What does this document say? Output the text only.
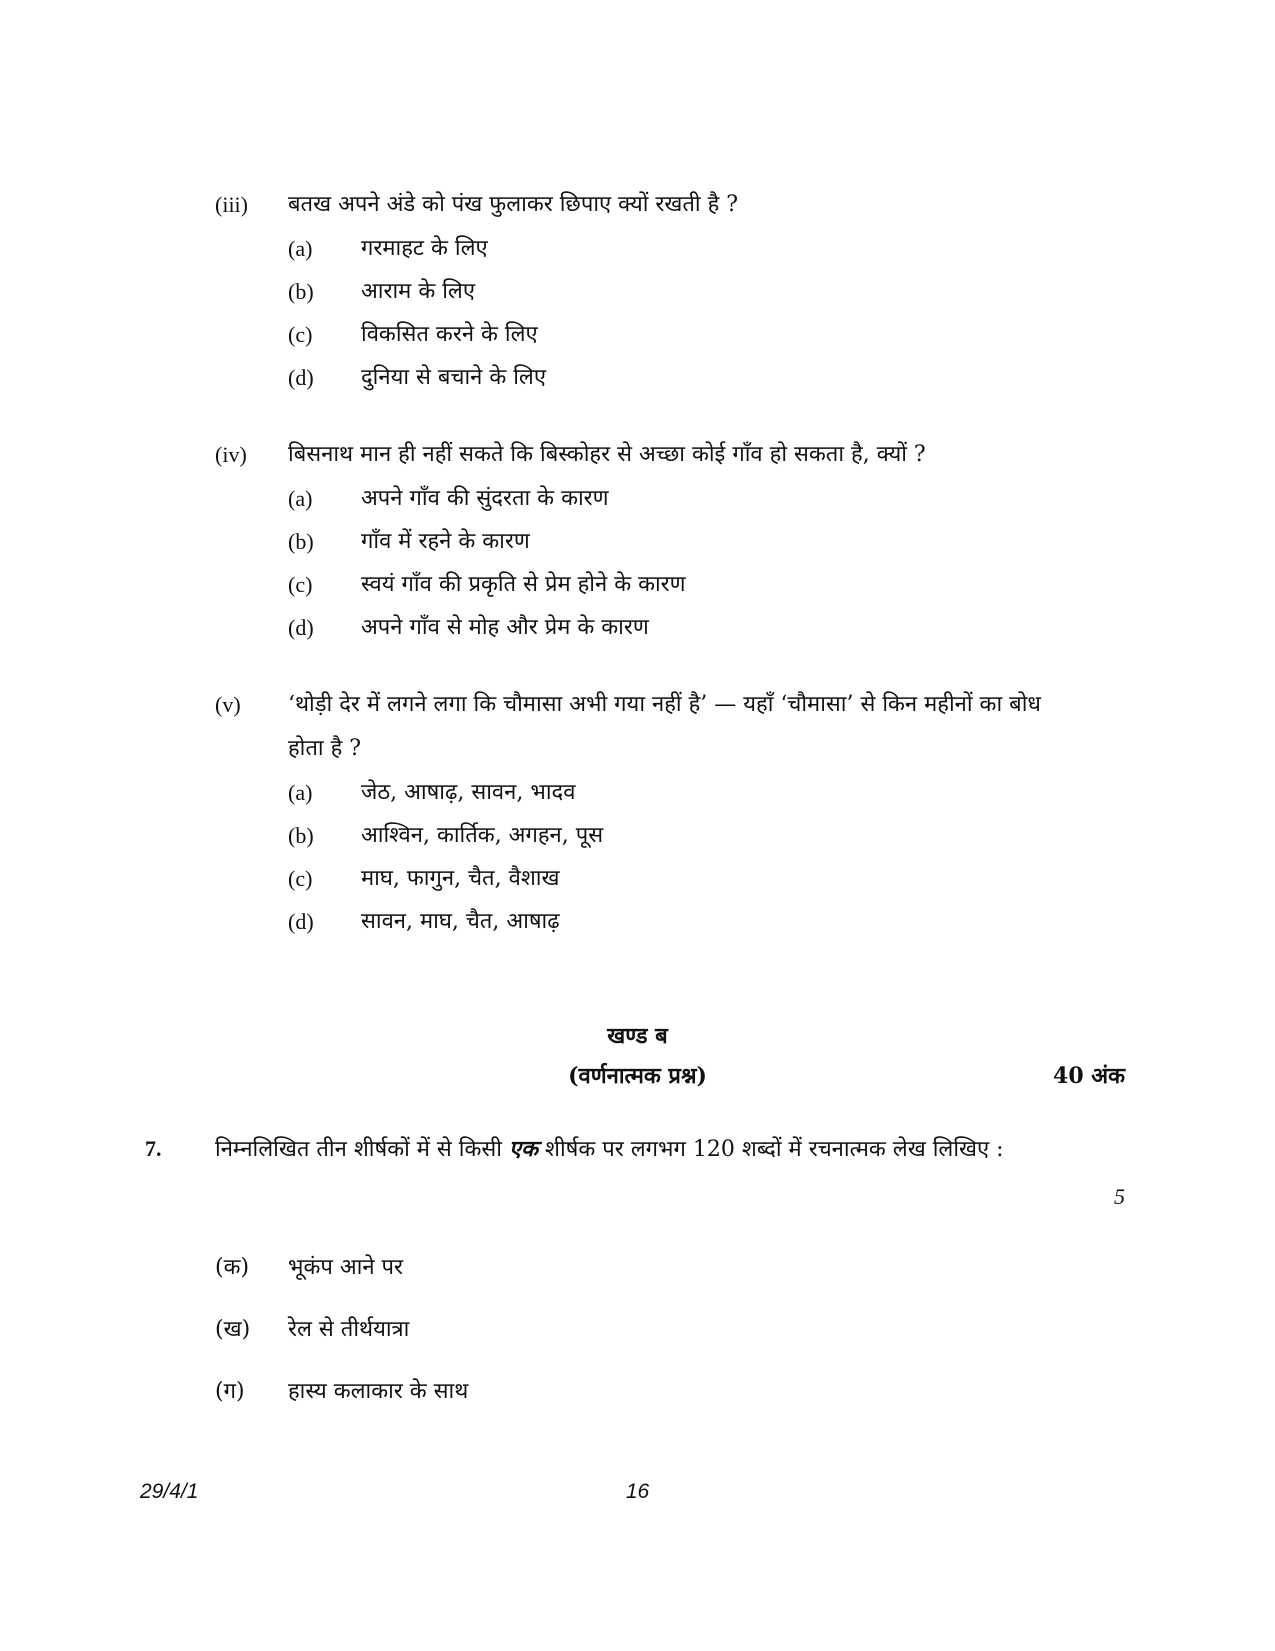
(iii) बतख अपने अंडे को पंख फुलाकर छिपाए क्यों रखती है ?
(a) गरमाहट के लिए
(b) आराम के लिए
(c) विकसित करने के लिए
(d) दुनिया से बचाने के लिए
(iv) बिसनाथ मान ही नहीं सकते कि बिस्कोहर से अच्छा कोई गाँव हो सकता है, क्यों ?
(a) अपने गाँव की सुंदरता के कारण
(b) गाँव में रहने के कारण
(c) स्वयं गाँव की प्रकृति से प्रेम होने के कारण
(d) अपने गाँव से मोह और प्रेम के कारण
(v) ‘थोड़ी देर में लगने लगा कि चौमासा अभी गया नहीं है’ — यहाँ ‘चौमासा’ से किन महीनों का बोध होता है ?
(a) जेठ, आषाढ़, सावन, भादव
(b) आश्विन, कार्तिक, अगहन, पूस
(c) माघ, फागुन, चैत, वैशाख
(d) सावन, माघ, चैत, आषाढ़
खण्ड ब
(वर्णनात्मक प्रश्न)	40 अंक
7. निम्नलिखित तीन शीर्षकों में से किसी एक शीर्षक पर लगभग 120 शब्दों में रचनात्मक लेख लिखिए :
5
(क) भूकंप आने पर
(ख) रेल से तीर्थयात्रा
(ग) हास्य कलाकार के साथ
29/4/1	16
